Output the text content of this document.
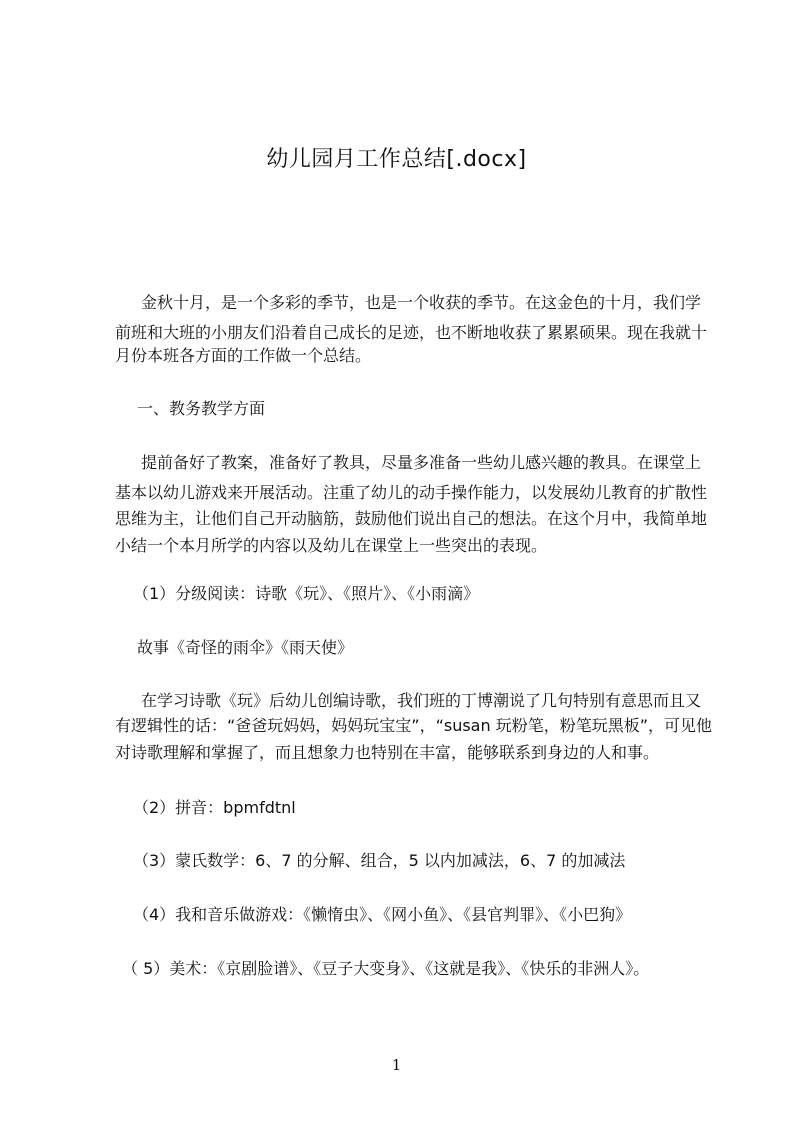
幼儿园月工作总结[.docx]
金秋十月，是一个多彩的季节，也是一个收获的季节。在这金色的十月，我们学
前班和大班的小朋友们沿着自己成长的足迹，也不断地收获了累累硕果。现在我就十
月份本班各方面的工作做一个总结。
一、教务教学方面
提前备好了教案，准备好了教具，尽量多准备一些幼儿感兴趣的教具。在课堂上
基本以幼儿游戏来开展活动。注重了幼儿的动手操作能力，以发展幼儿教育的扩散性
思维为主，让他们自己开动脑筋，鼓励他们说出自己的想法。在这个月中，我简单地
小结一个本月所学的内容以及幼儿在课堂上一些突出的表现。
（1）分级阅读：诗歌《玩》、《照片》、《小雨滴》
故事《奇怪的雨伞》《雨天使》
在学习诗歌《玩》后幼儿创编诗歌，我们班的丁博潮说了几句特别有意思而且又
有逻辑性的话：“爸爸玩妈妈，妈妈玩宝宝”，“susan 玩粉笔，粉笔玩黑板”，可见他
对诗歌理解和掌握了，而且想象力也特别在丰富，能够联系到身边的人和事。
（2）拼音：bpmfdtnl
（3）蒙氏数学：6、7 的分解、组合，5 以内加减法，6、7 的加减法
（4）我和音乐做游戏：《懒惰虫》、《网小鱼》、《县官判罪》、《小巴狗》
（ 5）美术：《京剧脸谱》、《豆子大变身》、《这就是我》、《快乐的非洲人》。
1
